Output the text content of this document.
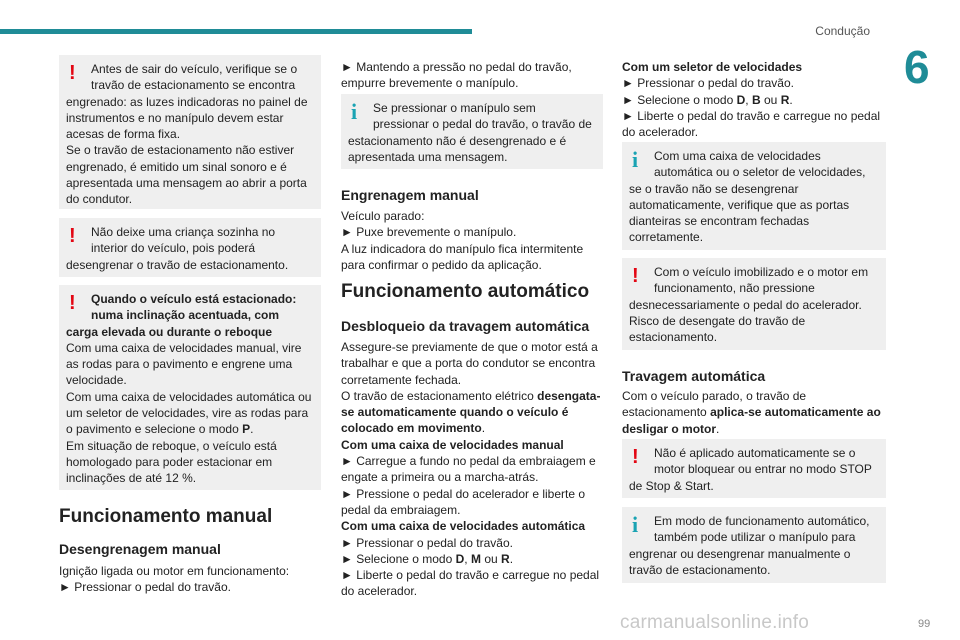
Condução
6
!	Antes de sair do veículo, verifique se o travão de estacionamento se encontra

engrenado: as luzes indicadoras no painel de instrumentos e no manípulo devem estar acesas de forma fixa.

Se o travão de estacionamento não estiver engrenado, é emitido um sinal sonoro e é apresentada uma mensagem ao abrir a porta do condutor.

!	Não deixe uma criança sozinha no interior do veículo, pois poderá

desengrenar o travão de estacionamento.

!	Quando o veículo está estacionado: numa inclinação acentuada, com
carga elevada ou durante o reboque

Com uma caixa de velocidades manual, vire as rodas para o pavimento e engrene uma velocidade.

Com uma caixa de velocidades automática ou um seletor de velocidades, vire as rodas para o pavimento e selecione o modo P.

Em situação de reboque, o veículo está homologado para poder estacionar em inclinações de até 12 %.

Funcionamento manual
Desengrenagem manual

Ignição ligada ou motor em funcionamento:

► Pressionar o pedal do travão.

► Mantendo a pressão no pedal do travão, empurre brevemente o manípulo.
i	Se pressionar o manípulo sem pressionar o pedal do travão, o travão de

estacionamento não é desengrenado e é apresentada uma mensagem.

Engrenagem manual

Veículo parado:

► Puxe brevemente o manípulo.

A luz indicadora do manípulo fica intermitente para confirmar o pedido da aplicação.

Funcionamento automático
Desbloqueio da travagem automática

Assegure-se previamente de que o motor está a trabalhar e que a porta do condutor se encontra corretamente fechada.

O travão de estacionamento elétrico desengata-se automaticamente quando o veículo é colocado em movimento.

Com uma caixa de velocidades manual

► Carregue a fundo no pedal da embraiagem e engate a primeira ou a marcha-atrás.

► Pressione o pedal do acelerador e liberte o pedal da embraiagem.

Com uma caixa de velocidades automática

► Pressionar o pedal do travão.

► Selecione o modo D, M ou R.

► Liberte o pedal do travão e carregue no pedal do acelerador.

Com um seletor de velocidades

► Pressionar o pedal do travão.

► Selecione o modo D, B ou R.

► Liberte o pedal do travão e carregue no pedal do acelerador.

i	Com uma caixa de velocidades automática ou o seletor de velocidades,

se o travão não se desengrenar automaticamente, verifique que as portas dianteiras se encontram fechadas corretamente.

!	Com o veículo imobilizado e o motor em funcionamento, não pressione

desnecessariamente o pedal do acelerador. Risco de desengate do travão de estacionamento.

Travagem automática
Com o veículo parado, o travão de estacionamento aplica-se automaticamente ao desligar o motor.
!	Não é aplicado automaticamente se o motor bloquear ou entrar no modo STOP

de Stop & Start.

i	Em modo de funcionamento automático, também pode utilizar o manípulo para

engrenar ou desengrenar manualmente o travão de estacionamento.

carmanualsonline.info	99
